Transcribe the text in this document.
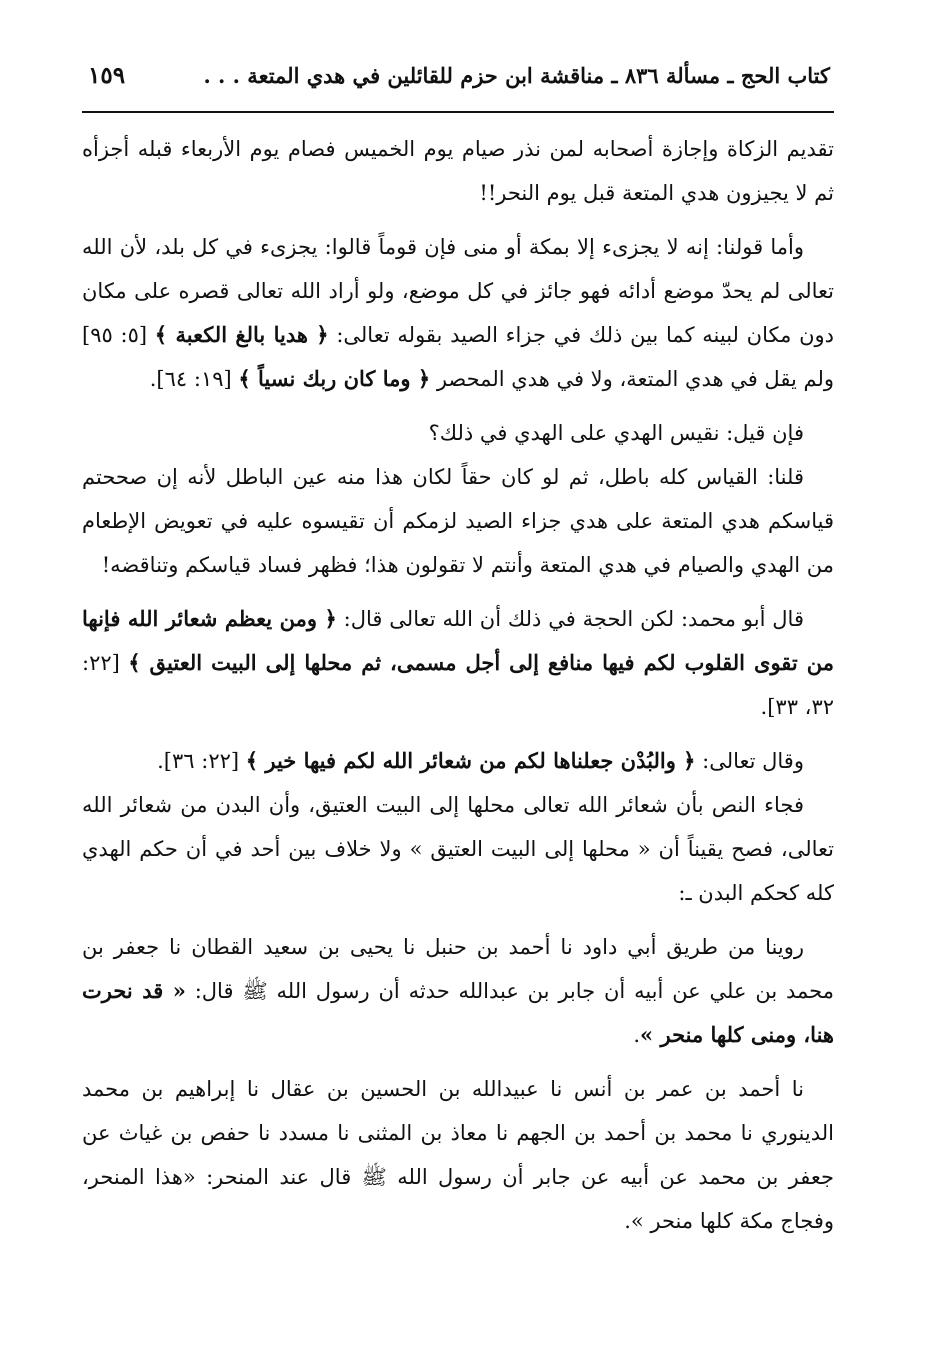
كتاب الحج ـ مسألة ٨٣٦ ـ مناقشة ابن حزم للقائلين في هدي المتعة . . .
١٥٩

تقديم الزكاة وإجازة أصحابه لمن نذر صيام يوم الخميس فصام يوم الأربعاء قبله أجزأه ثم لا يجيزون هدي المتعة قبل يوم النحر!!

وأما قولنا: إنه لا يجزىء إلا بمكة أو منى فإن قوماً قالوا: يجزىء في كل بلد، لأن الله تعالى لم يحدّ موضع أدائه فهو جائز في كل موضع، ولو أراد الله تعالى قصره على مكان دون مكان لبينه كما بين ذلك في جزاء الصيد بقوله تعالى: ﴿ هديا بالغ الكعبة ﴾ [٥: ٩٥] ولم يقل في هدي المتعة، ولا في هدي المحصر ﴿ وما كان ربك نسياً ﴾ [١٩: ٦٤].

فإن قيل: نقيس الهدي على الهدي في ذلك؟

قلنا: القياس كله باطل، ثم لو كان حقاً لكان هذا منه عين الباطل لأنه إن صححتم قياسكم هدي المتعة على هدي جزاء الصيد لزمكم أن تقيسوه عليه في تعويض الإطعام من الهدي والصيام في هدي المتعة وأنتم لا تقولون هذا؛ فظهر فساد قياسكم وتناقضه!

قال أبو محمد: لكن الحجة في ذلك أن الله تعالى قال: ﴿ ومن يعظم شعائر الله فإنها من تقوى القلوب لكم فيها منافع إلى أجل مسمى، ثم محلها إلى البيت العتيق ﴾ [٢٢: ٣٢، ٣٣].

وقال تعالى: ﴿ والبُدْن جعلناها لكم من شعائر الله لكم فيها خير ﴾ [٢٢: ٣٦].

فجاء النص بأن شعائر الله تعالى محلها إلى البيت العتيق، وأن البدن من شعائر الله تعالى، فصح يقيناً أن « محلها إلى البيت العتيق » ولا خلاف بين أحد في أن حكم الهدي كله كحكم البدن ـ:

روينا من طريق أبي داود نا أحمد بن حنبل نا يحيى بن سعيد القطان نا جعفر بن محمد بن علي عن أبيه أن جابر بن عبدالله حدثه أن رسول الله ﷺ قال: « قد نحرت هنا، ومنى كلها منحر ».

نا أحمد بن عمر بن أنس نا عبيدالله بن الحسين بن عقال نا إبراهيم بن محمد الدينوري نا محمد بن أحمد بن الجهم نا معاذ بن المثنى نا مسدد نا حفص بن غياث عن جعفر بن محمد عن أبيه عن جابر أن رسول الله ﷺ قال عند المنحر: «هذا المنحر، وفجاج مكة كلها منحر ».
